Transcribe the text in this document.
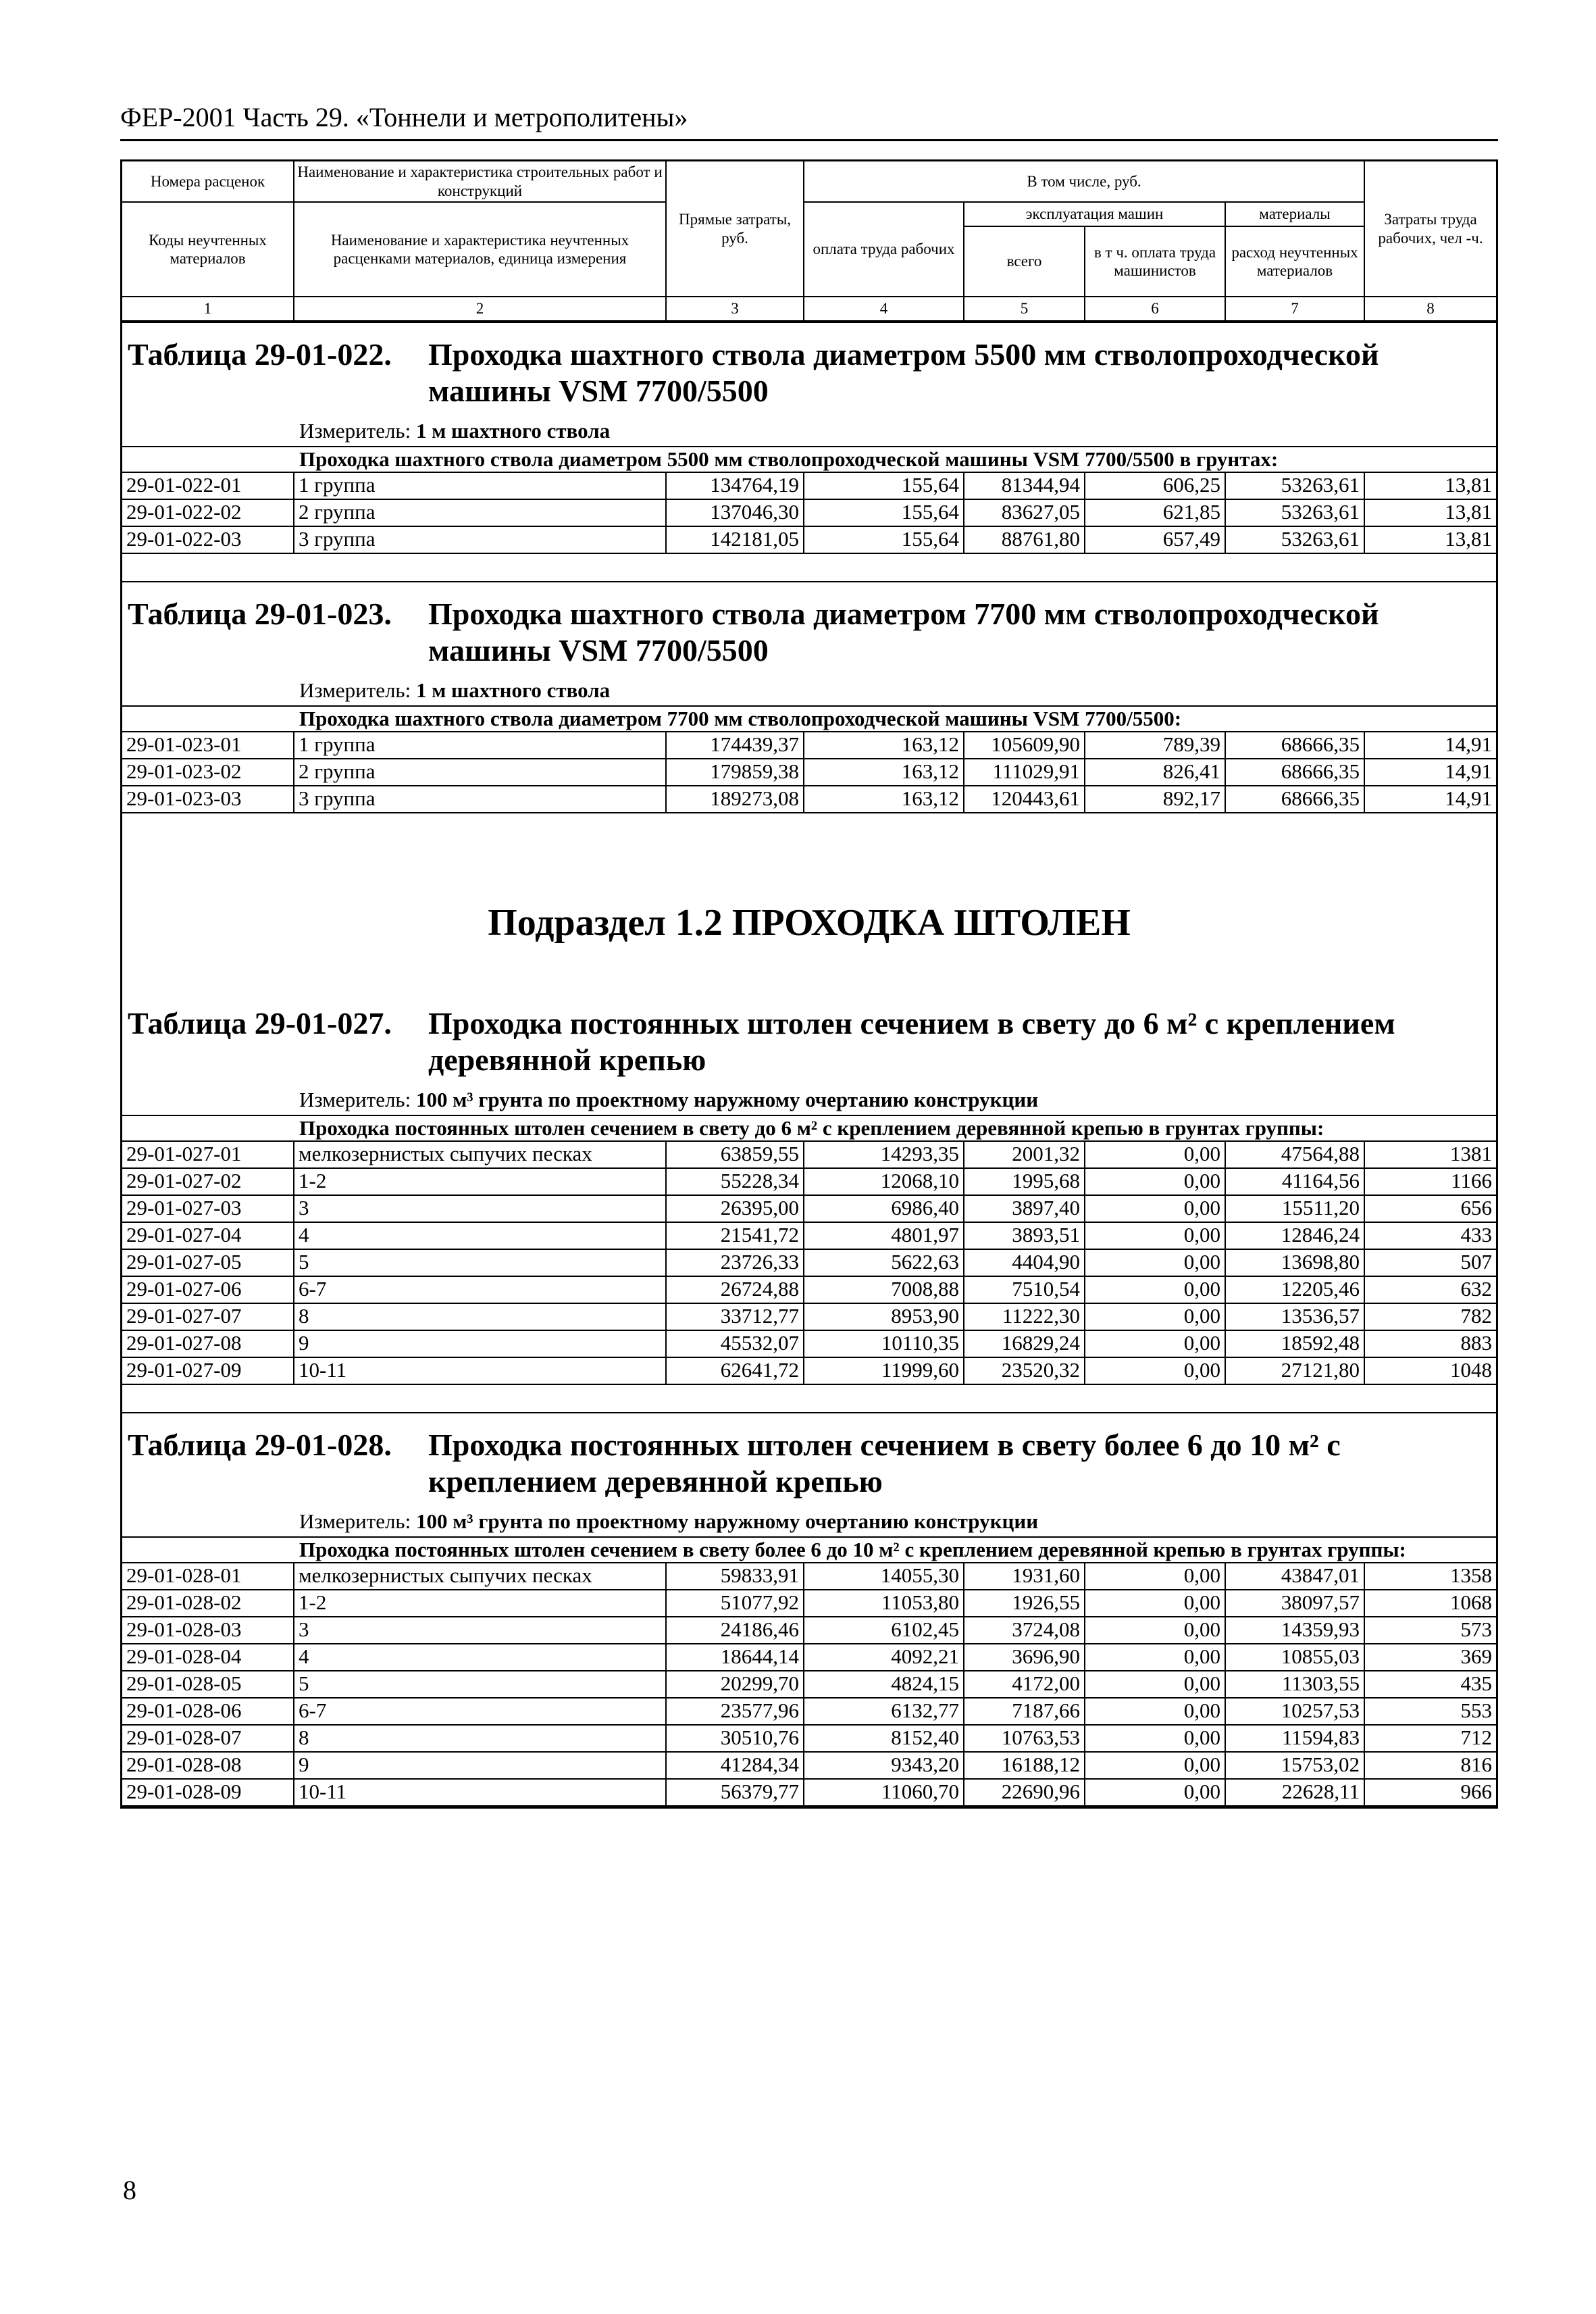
ФЕР-2001 Часть 29. «Тоннели и метрополитены»
Номера расценок	Наименование и характеристика строительных работ и конструкций	Прямые затраты, руб.	В том числе, руб.				Затраты труда рабочих, чел -ч.
Коды неучтенных материалов	Наименование и характеристика неучтенных расценками материалов, единица измерения		оплата труда рабочих	эксплуатация машин		материалы	
				всего	в т ч. оплата труда машинистов	расход неучтенных материалов	

1	2	3	4	5	6	7	8
Таблица 29-01-022. Проходка шахтного ствола диаметром 5500 мм стволопроходческой
машины VSM 7700/5500
Измеритель: 1 м шахтного ствола
Проходка шахтного ствола диаметром 5500 мм стволопроходческой машины VSM 7700/5500 в грунтах:
29-01-022-01	1 группа	134764,19	155,64	81344,94	606,25	53263,61	13,81
29-01-022-02	2 группа	137046,30	155,64	83627,05	621,85	53263,61	13,81
29-01-022-03	3 группа	142181,05	155,64	88761,80	657,49	53263,61	13,81
Таблица 29-01-023. Проходка шахтного ствола диаметром 7700 мм стволопроходческой
машины VSM 7700/5500
Измеритель: 1 м шахтного ствола
Проходка шахтного ствола диаметром 7700 мм стволопроходческой машины VSM 7700/5500:
29-01-023-01	1 группа	174439,37	163,12	105609,90	789,39	68666,35	14,91
29-01-023-02	2 группа	179859,38	163,12	111029,91	826,41	68666,35	14,91
29-01-023-03	3 группа	189273,08	163,12	120443,61	892,17	68666,35	14,91
Подраздел 1.2 ПРОХОДКА ШТОЛЕН
Таблица 29-01-027. Проходка постоянных штолен сечением в свету до 6 м² с креплением
деревянной крепью
Измеритель: 100 м³ грунта по проектному наружному очертанию конструкции
Проходка постоянных штолен сечением в свету до 6 м² с креплением деревянной крепью в грунтах группы:
29-01-027-01	мелкозернистых сыпучих песках	63859,55	14293,35	2001,32	0,00	47564,88	1381
29-01-027-02	1-2	55228,34	12068,10	1995,68	0,00	41164,56	1166
29-01-027-03	3	26395,00	6986,40	3897,40	0,00	15511,20	656
29-01-027-04	4	21541,72	4801,97	3893,51	0,00	12846,24	433
29-01-027-05	5	23726,33	5622,63	4404,90	0,00	13698,80	507
29-01-027-06	6-7	26724,88	7008,88	7510,54	0,00	12205,46	632
29-01-027-07	8	33712,77	8953,90	11222,30	0,00	13536,57	782
29-01-027-08	9	45532,07	10110,35	16829,24	0,00	18592,48	883
29-01-027-09	10-11	62641,72	11999,60	23520,32	0,00	27121,80	1048
Таблица 29-01-028. Проходка постоянных штолен сечением в свету более 6 до 10 м² с
креплением деревянной крепью
Измеритель: 100 м³ грунта по проектному наружному очертанию конструкции
Проходка постоянных штолен сечением в свету более 6 до 10 м² с креплением деревянной крепью в грунтах группы:
29-01-028-01	мелкозернистых сыпучих песках	59833,91	14055,30	1931,60	0,00	43847,01	1358
29-01-028-02	1-2	51077,92	11053,80	1926,55	0,00	38097,57	1068
29-01-028-03	3	24186,46	6102,45	3724,08	0,00	14359,93	573
29-01-028-04	4	18644,14	4092,21	3696,90	0,00	10855,03	369
29-01-028-05	5	20299,70	4824,15	4172,00	0,00	11303,55	435
29-01-028-06	6-7	23577,96	6132,77	7187,66	0,00	10257,53	553
29-01-028-07	8	30510,76	8152,40	10763,53	0,00	11594,83	712
29-01-028-08	9	41284,34	9343,20	16188,12	0,00	15753,02	816
29-01-028-09	10-11	56379,77	11060,70	22690,96	0,00	22628,11	966
8
